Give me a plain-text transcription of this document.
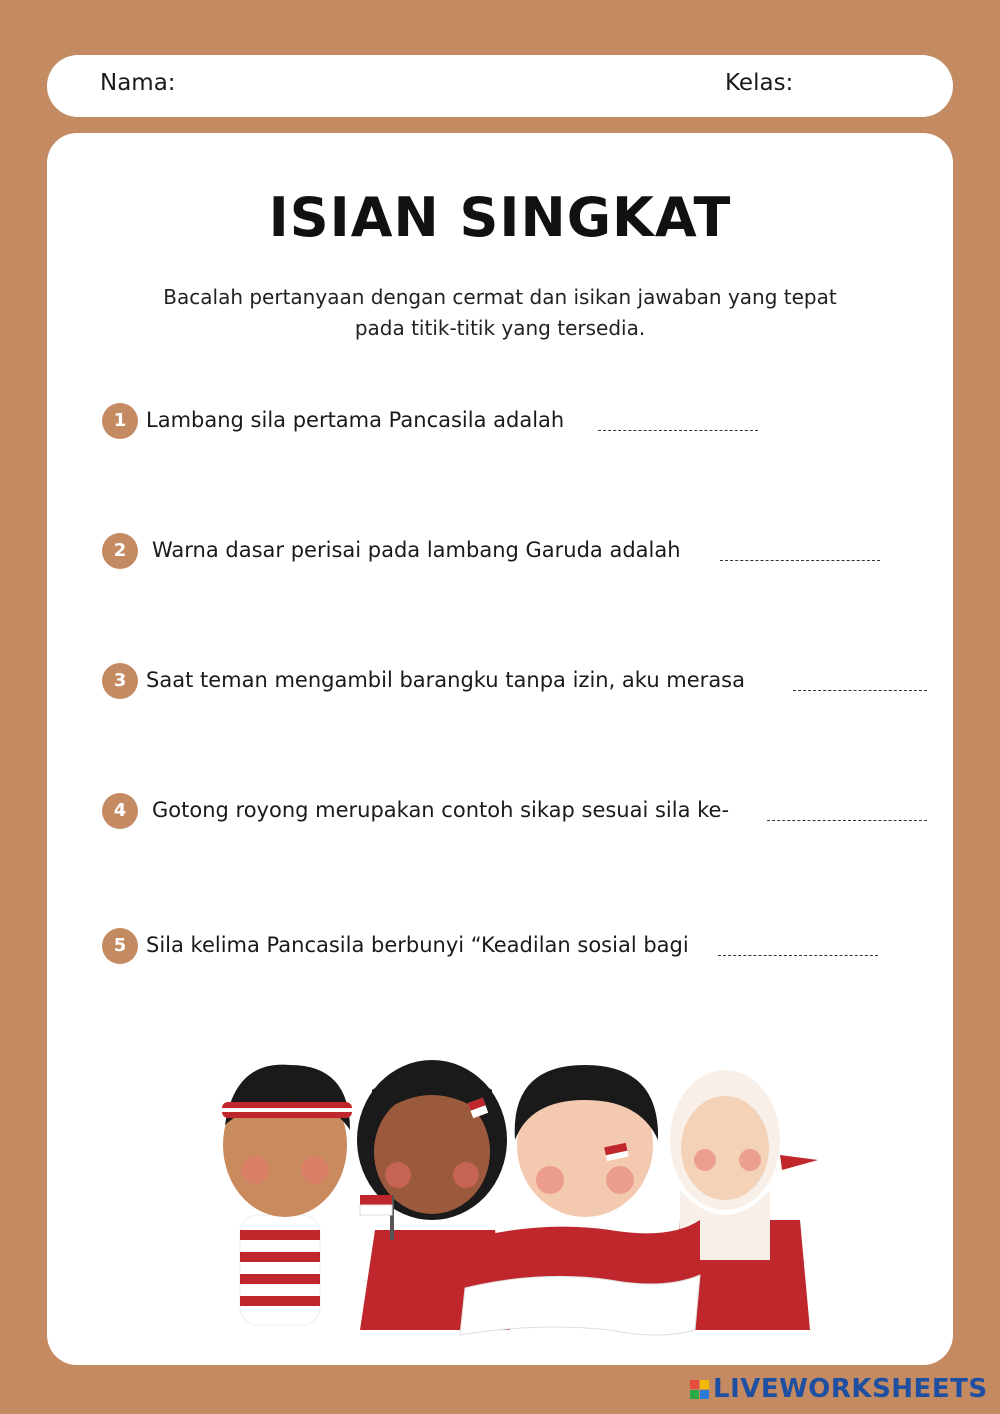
Nama:	Kelas:
ISIAN SINGKAT
Bacalah pertanyaan dengan cermat dan isikan jawaban yang tepat
pada titik-titik yang tersedia.
1 Lambang sila pertama Pancasila adalah
2	Warna dasar perisai pada lambang Garuda adalah
3 Saat teman mengambil barangku tanpa izin, aku merasa
4	Gotong royong merupakan contoh sikap sesuai sila ke-
5 Sila kelima Pancasila berbunyi “Keadilan sosial bagi
LIVEWORKSHEETS
